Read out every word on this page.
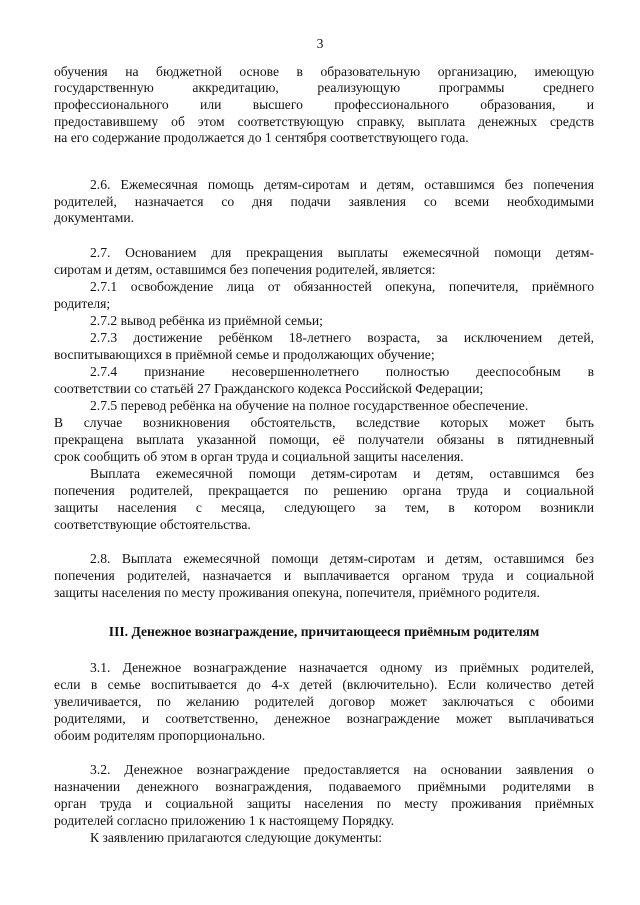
3
обучения на бюджетной основе в образовательную организацию, имеющую
государственную аккредитацию, реализующую программы среднего
профессионального или высшего профессионального образования, и
предоставившему об этом соответствующую справку, выплата денежных средств
на его содержание продолжается до 1 сентября соответствующего года.
2.6. Ежемесячная помощь детям-сиротам и детям, оставшимся без попечения
родителей, назначается со дня подачи заявления со всеми необходимыми
документами.
2.7. Основанием для прекращения выплаты ежемесячной помощи детям-
сиротам и детям, оставшимся без попечения родителей, является:
2.7.1 освобождение лица от обязанностей опекуна, попечителя, приёмного
родителя;
2.7.2 вывод ребёнка из приёмной семьи;
2.7.3 достижение ребёнком 18-летнего возраста, за исключением детей,
воспитывающихся в приёмной семье и продолжающих обучение;
2.7.4 признание несовершеннолетнего полностью дееспособным в
соответствии со статьёй 27 Гражданского кодекса Российской Федерации;
2.7.5 перевод ребёнка на обучение на полное государственное обеспечение.
В случае возникновения обстоятельств, вследствие которых может быть
прекращена выплата указанной помощи, её получатели обязаны в пятидневный
срок сообщить об этом в орган труда и социальной защиты населения.
Выплата ежемесячной помощи детям-сиротам и детям, оставшимся без
попечения родителей, прекращается по решению органа труда и социальной
защиты населения с месяца, следующего за тем, в котором возникли
соответствующие обстоятельства.
2.8. Выплата ежемесячной помощи детям-сиротам и детям, оставшимся без
попечения родителей, назначается и выплачивается органом труда и социальной
защиты населения по месту проживания опекуна, попечителя, приёмного родителя.
3.1. Денежное вознаграждение назначается одному из приёмных родителей,
если в семье воспитывается до 4-х детей (включительно). Если количество детей
увеличивается, по желанию родителей договор может заключаться с обоими
родителями, и соответственно, денежное вознаграждение может выплачиваться
обоим родителям пропорционально.
3.2. Денежное вознаграждение предоставляется на основании заявления о
назначении денежного вознаграждения, подаваемого приёмными родителями в
орган труда и социальной защиты населения по месту проживания приёмных
родителей согласно приложению 1 к настоящему Порядку.
К заявлению прилагаются следующие документы:
III. Денежное вознаграждение, причитающееся приёмным родителям
